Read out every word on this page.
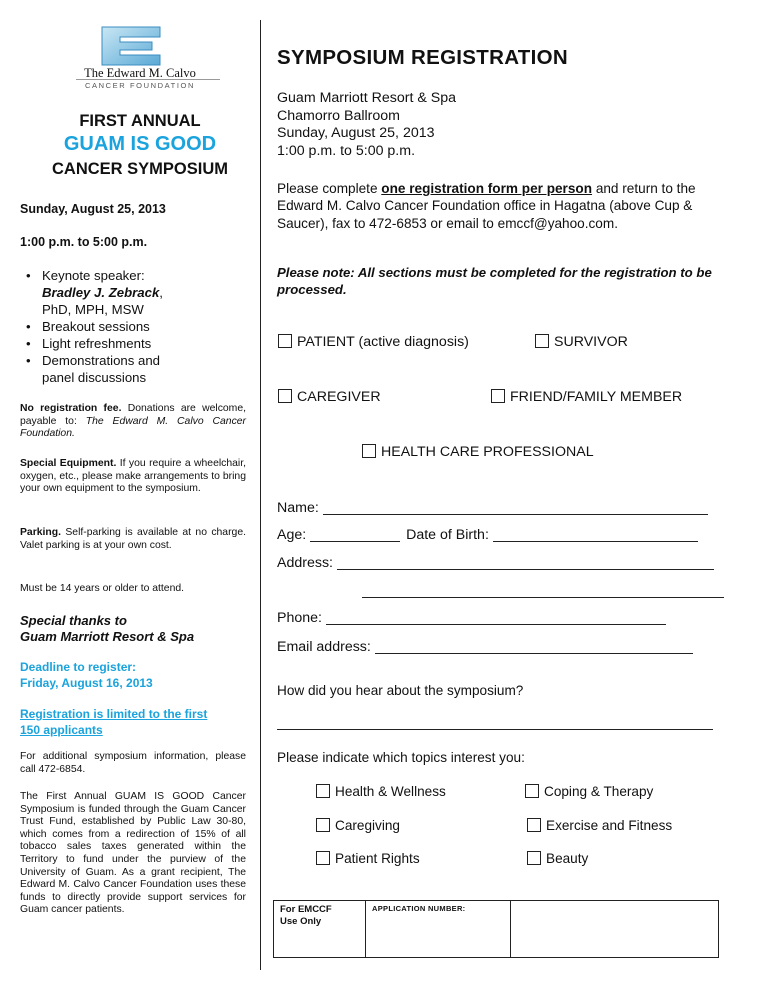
The Edward M. Calvo
CANCER FOUNDATION
FIRST ANNUAL
GUAM IS GOOD
CANCER SYMPOSIUM
Sunday, August 25, 2013
1:00 p.m. to 5:00 p.m.
• Keynote speaker:
Bradley J. Zebrack,
PhD, MPH, MSW
• Breakout sessions
• Light refreshments
• Demonstrations and
panel discussions
No registration fee. Donations are welcome, payable to: The Edward M. Calvo Cancer Foundation.
Special Equipment. If you require a wheelchair, oxygen, etc., please make arrangements to bring your own equipment to the symposium.
Parking. Self-parking is available at no charge. Valet parking is at your own cost.
Must be 14 years or older to attend.
Special thanks to
Guam Marriott Resort & Spa
Deadline to register:
Friday, August 16, 2013
Registration is limited to the first
150 applicants
For additional symposium information, please call 472-6854.
The First Annual GUAM IS GOOD Cancer Symposium is funded through the Guam Cancer Trust Fund, established by Public Law 30-80, which comes from a redirection of 15% of all tobacco sales taxes generated within the Territory to fund under the purview of the University of Guam. As a grant recipient, The Edward M. Calvo Cancer Foundation uses these funds to directly provide support services for Guam cancer patients.
SYMPOSIUM REGISTRATION
Guam Marriott Resort & Spa
Chamorro Ballroom
Sunday, August 25, 2013
1:00 p.m. to 5:00 p.m.
Please complete one registration form per person and return to the Edward M. Calvo Cancer Foundation office in Hagatna (above Cup & Saucer), fax to 472-6853 or email to emccf@yahoo.com.
Please note: All sections must be completed for the registration to be processed.
PATIENT (active diagnosis)	SURVIVOR
CAREGIVER	FRIEND/FAMILY MEMBER
HEALTH CARE PROFESSIONAL
Name:
Age:	Date of Birth:
Address:
Phone:
Email address:
How did you hear about the symposium?
Please indicate which topics interest you:
Health & Wellness	Coping & Therapy
Caregiving	Exercise and Fitness
Patient Rights	Beauty
For EMCCF
Use Only
	APPLICATION NUMBER:	
